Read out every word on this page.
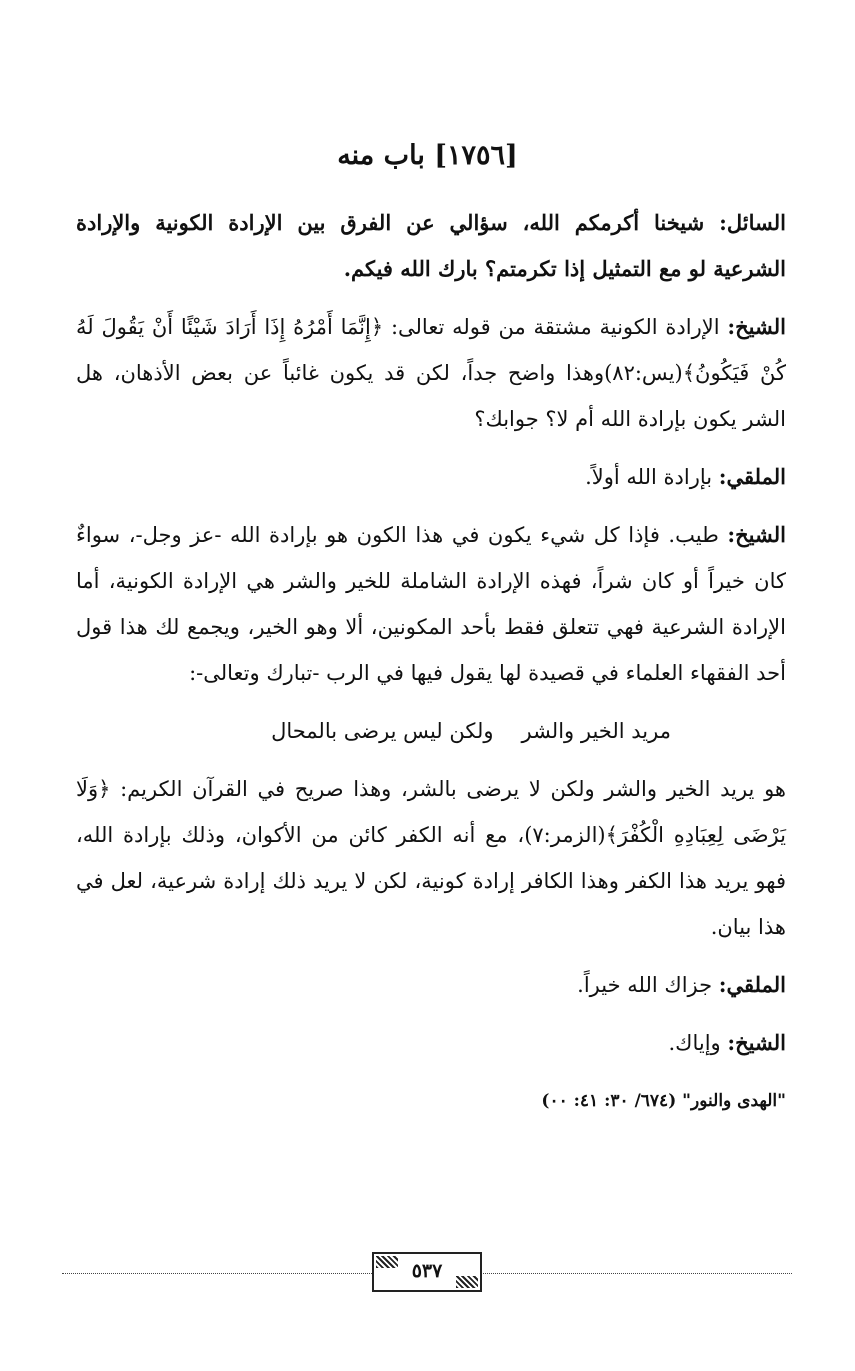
[١٧٥٦] باب منه

السائل: شيخنا أكرمكم الله، سؤالي عن الفرق بين الإرادة الكونية والإرادة الشرعية لو مع التمثيل إذا تكرمتم؟ بارك الله فيكم.

الشيخ: الإرادة الكونية مشتقة من قوله تعالى: ﴿إِنَّمَا أَمْرُهُ إِذَا أَرَادَ شَيْئًا أَنْ يَقُولَ لَهُ كُنْ فَيَكُونُ﴾(يس:٨٢)وهذا واضح جداً، لكن قد يكون غائباً عن بعض الأذهان، هل الشر يكون بإرادة الله أم لا؟ جوابك؟

الملقي: بإرادة الله أولاً.

الشيخ: طيب. فإذا كل شيء يكون في هذا الكون هو بإرادة الله -عز وجل-، سواءٌ كان خيراً أو كان شراً، فهذه الإرادة الشاملة للخير والشر هي الإرادة الكونية، أما الإرادة الشرعية فهي تتعلق فقط بأحد المكونين، ألا وهو الخير، ويجمع لك هذا قول أحد الفقهاء العلماء في قصيدة لها يقول فيها في الرب -تبارك وتعالى-:

مريد الخير والشر
ولكن ليس يرضى بالمحال

هو يريد الخير والشر ولكن لا يرضى بالشر، وهذا صريح في القرآن الكريم: ﴿وَلَا يَرْضَى لِعِبَادِهِ الْكُفْرَ﴾(الزمر:٧)، مع أنه الكفر كائن من الأكوان، وذلك بإرادة الله، فهو يريد هذا الكفر وهذا الكافر إرادة كونية، لكن لا يريد ذلك إرادة شرعية، لعل في هذا بيان.

الملقي: جزاك الله خيراً.

الشيخ: وإياك.

"الهدى والنور" (٦٧٤/ ٣٠: ٤١: ٠٠)
٥٣٧
